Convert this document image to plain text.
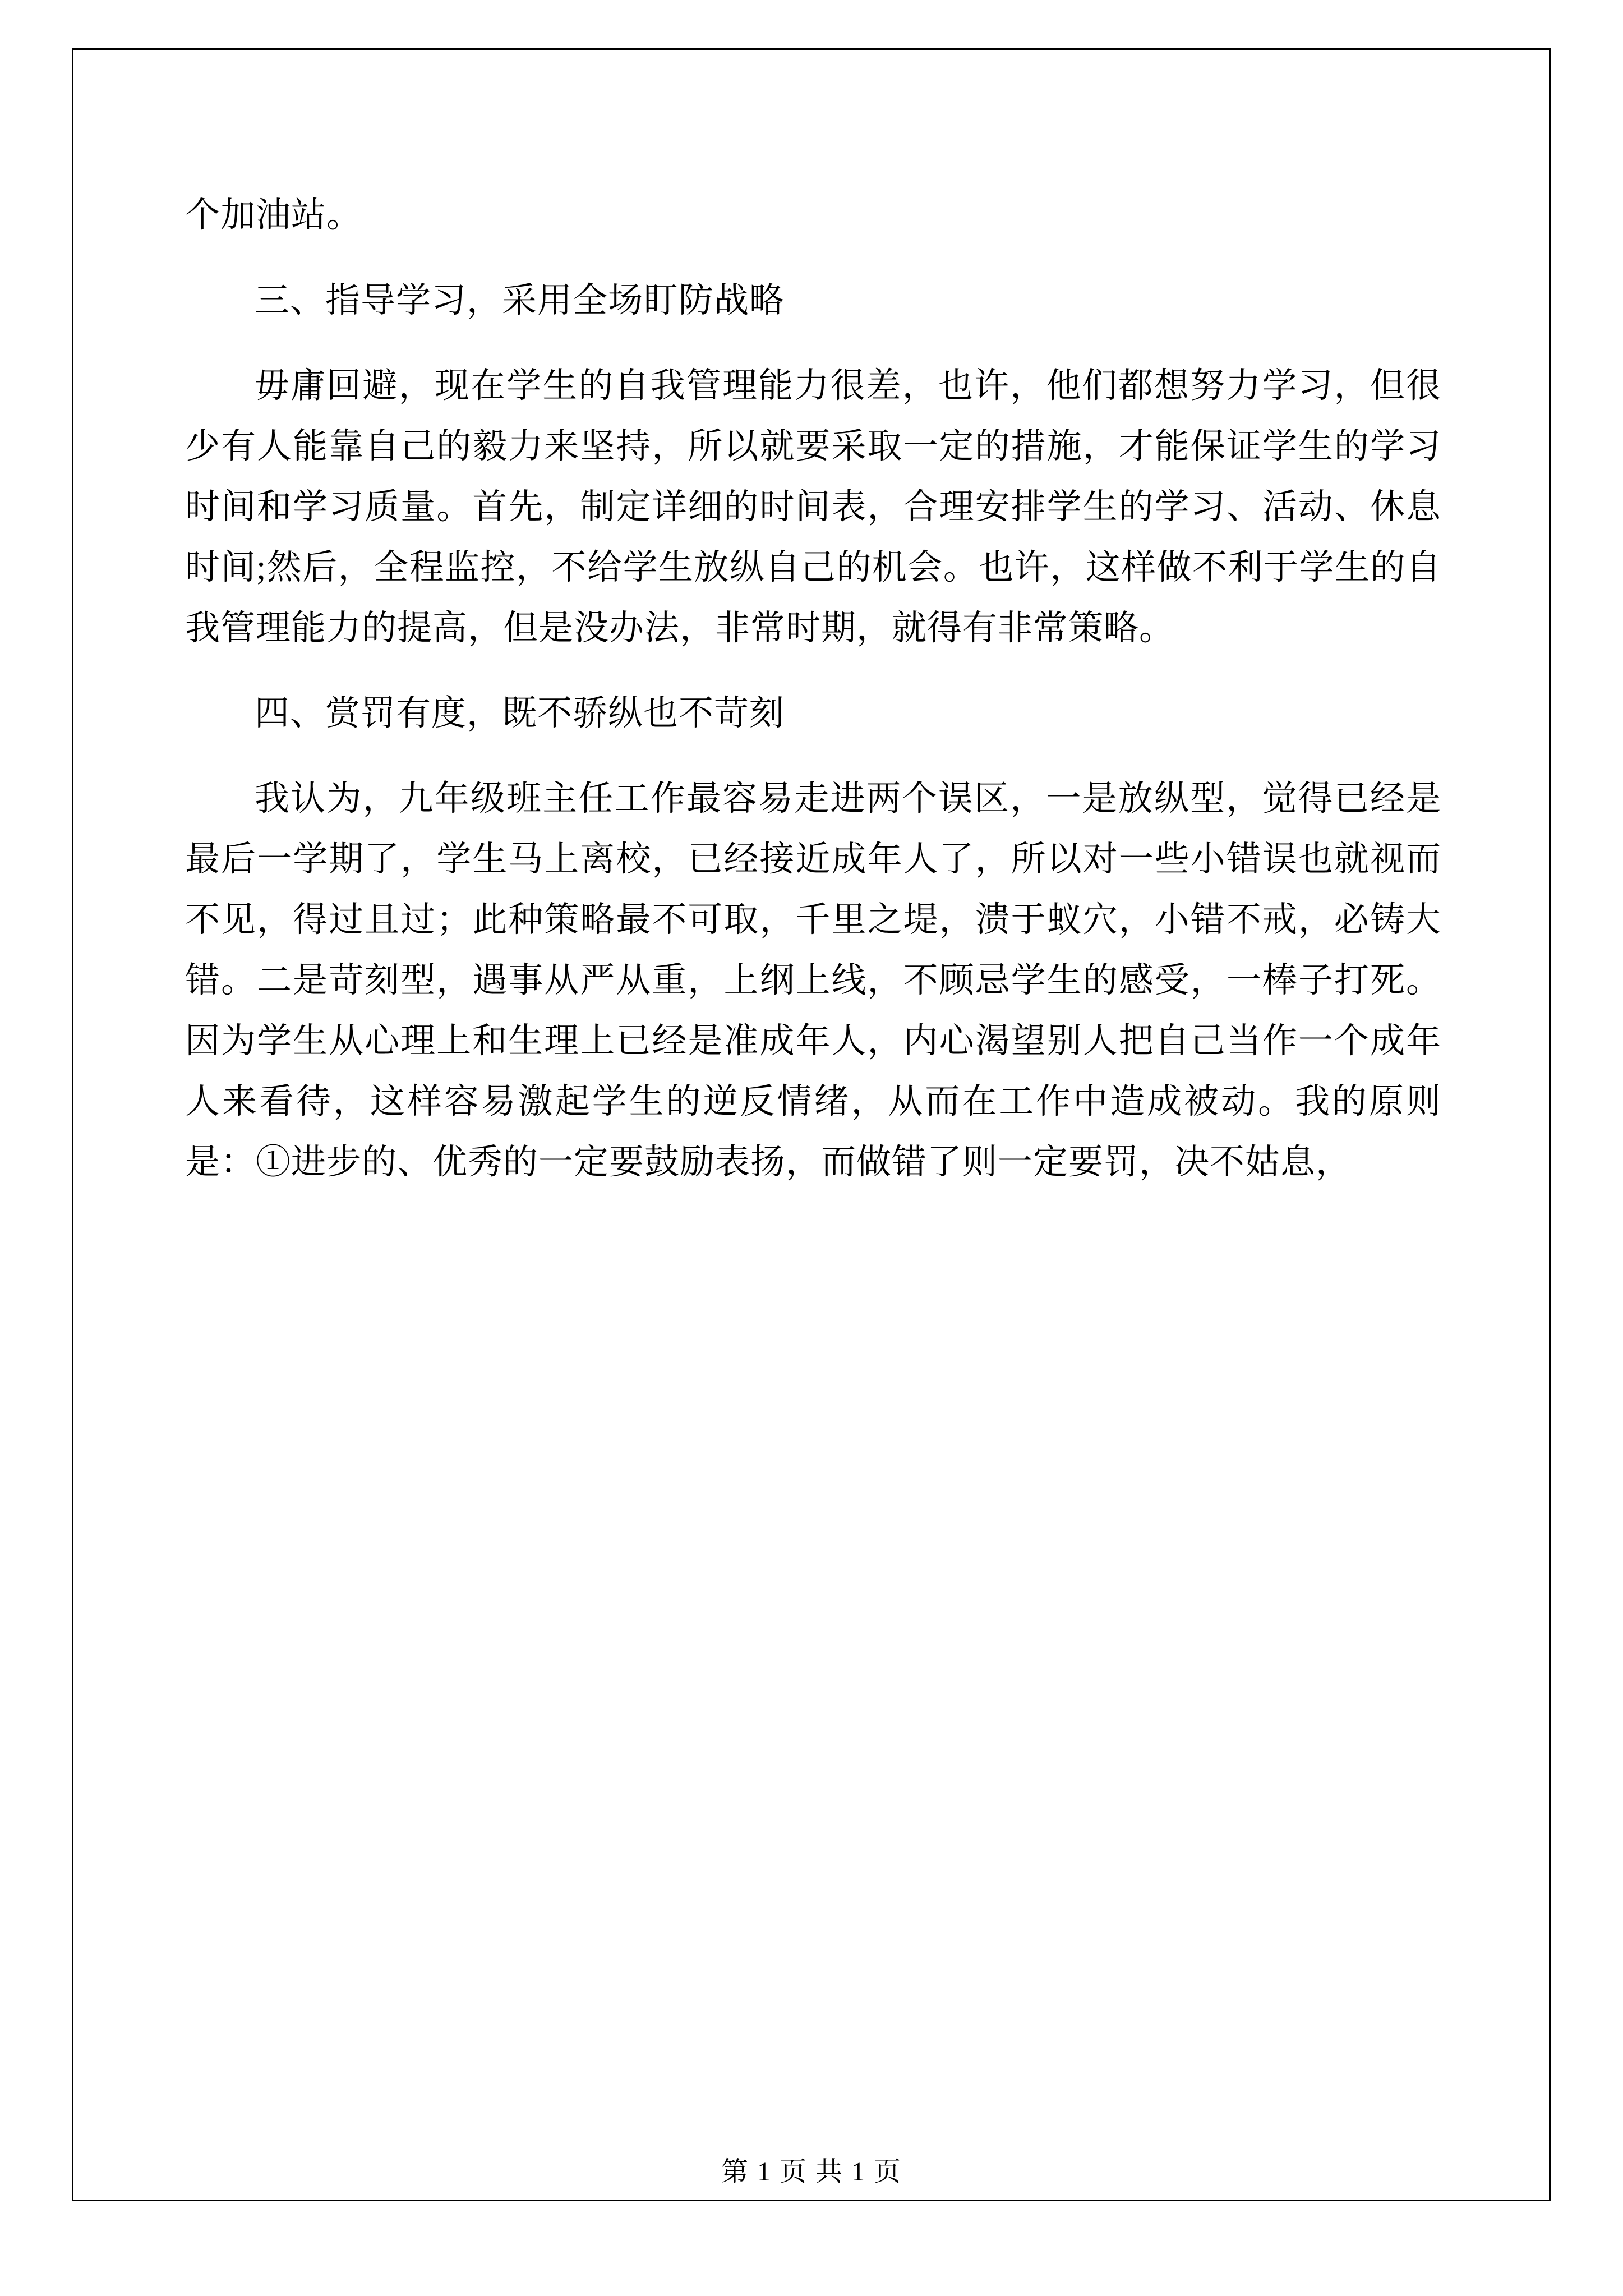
个加油站。

三、指导学习，采用全场盯防战略

毋庸回避，现在学生的自我管理能力很差，也许，他们都想努力学习，但很少有人能靠自己的毅力来坚持，所以就要采取一定的措施，才能保证学生的学习时间和学习质量。首先，制定详细的时间表，合理安排学生的学习、活动、休息时间;然后，全程监控，不给学生放纵自己的机会。也许，这样做不利于学生的自我管理能力的提高，但是没办法，非常时期，就得有非常策略。

四、赏罚有度，既不骄纵也不苛刻

我认为，九年级班主任工作最容易走进两个误区，一是放纵型，觉得已经是最后一学期了，学生马上离校，已经接近成年人了，所以对一些小错误也就视而不见，得过且过；此种策略最不可取，千里之堤，溃于蚁穴，小错不戒，必铸大错。二是苛刻型，遇事从严从重，上纲上线，不顾忌学生的感受，一棒子打死。因为学生从心理上和生理上已经是准成年人，内心渴望别人把自己当作一个成年人来看待，这样容易激起学生的逆反情绪，从而在工作中造成被动。我的原则是：①进步的、优秀的一定要鼓励表扬，而做错了则一定要罚，决不姑息，

第 1 页 共 1 页
